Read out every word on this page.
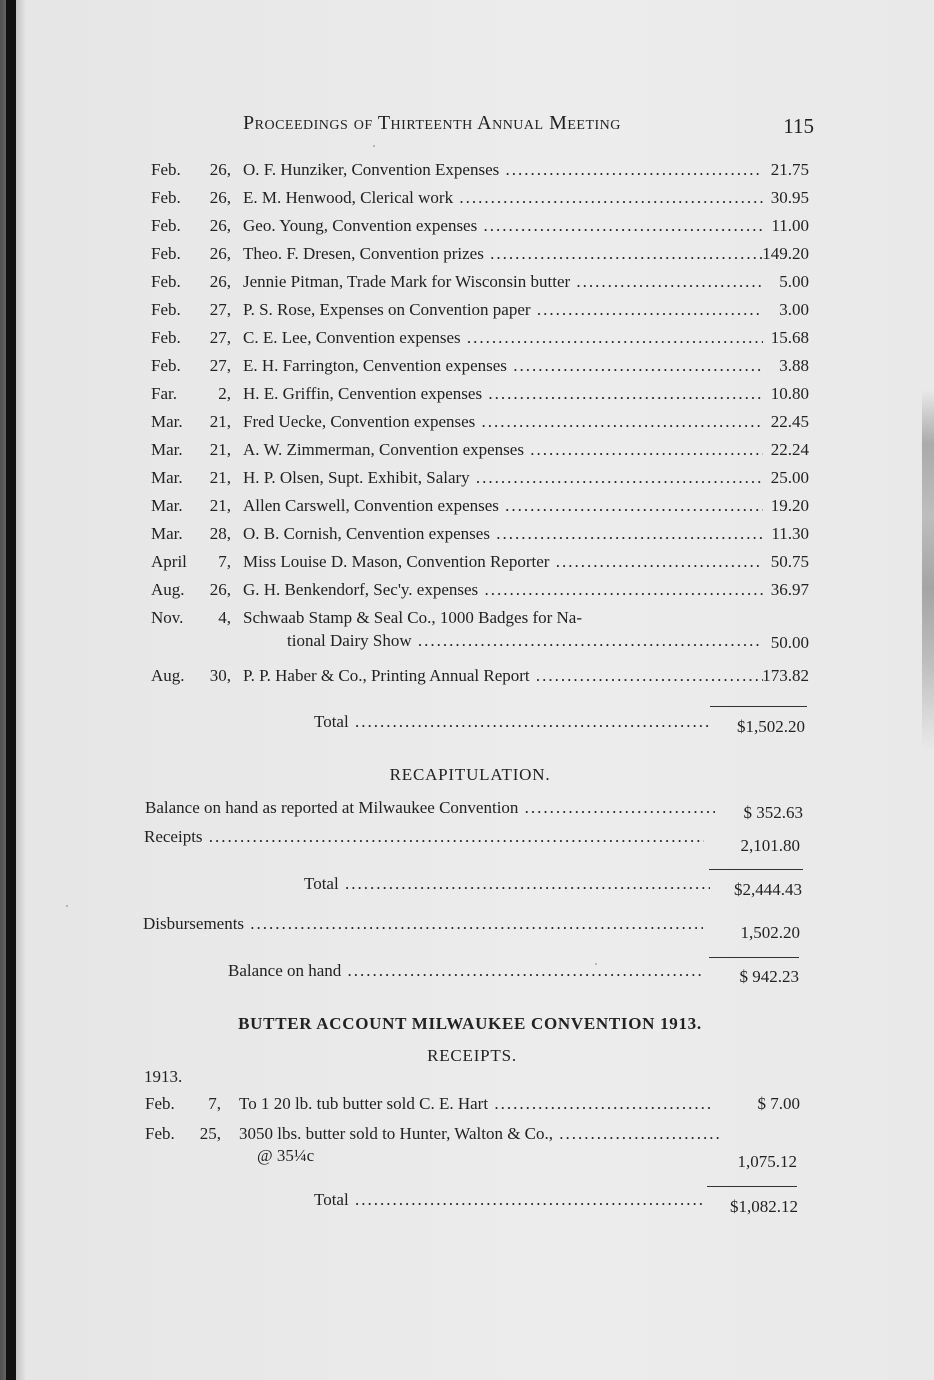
Proceedings of Thirteenth Annual Meeting	115
Feb.	26, O. F. Hunziker, Convention Expenses .....	21.75
Feb.	26, E. M. Henwood, Clerical work .....	30.95
Feb.	26, Geo. Young, Convention expenses .....	11.00
Feb.	26, Theo. F. Dresen, Convention prizes .....	149.20
Feb.	26, Jennie Pitman, Trade Mark for Wisconsin butter .....	5.00
Feb.	27, P. S. Rose, Expenses on Convention paper .....	3.00
Feb.	27, C. E. Lee, Convention expenses .....	15.68
Feb.	27, E. H. Farrington, Cenvention expenses .....	3.88
Far.	2, H. E. Griffin, Cenvention expenses .....	10.80
Mar.	21, Fred Uecke, Convention expenses .....	22.45
Mar.	21, A. W. Zimmerman, Convention expenses .....	22.24
Mar.	21, H. P. Olsen, Supt. Exhibit, Salary .....	25.00
Mar.	21, Allen Carswell, Convention expenses .....	19.20
Mar.	28, O. B. Cornish, Cenvention expenses .....	11.30
April	7, Miss Louise D. Mason, Convention Reporter .....	50.75
Aug.	26, G. H. Benkendorf, Sec'y. expenses .....	36.97
Nov.	4, Schwaab Stamp & Seal Co., 1000 Badges for Na-
tional Dairy Show .....	50.00
Aug.	30, P. P. Haber & Co., Printing Annual Report .....	173.82
Total .....	$1,502.20
RECAPITULATION.
Balance on hand as reported at Milwaukee Convention .....	$ 352.63
Receipts .....	2,101.80
Total .....	$2,444.43
Disbursements .....	1,502.20
Balance on hand .....	$ 942.23
BUTTER ACCOUNT MILWAUKEE CONVENTION 1913.
RECEIPTS.
1913.
Feb.	7, To 1 20 lb. tub butter sold C. E. Hart .....	$ 7.00
Feb.	25, 3050 lbs. butter sold to Hunter, Walton & Co., .....
@ 35¼c	1,075.12
Total .....	$1,082.12
